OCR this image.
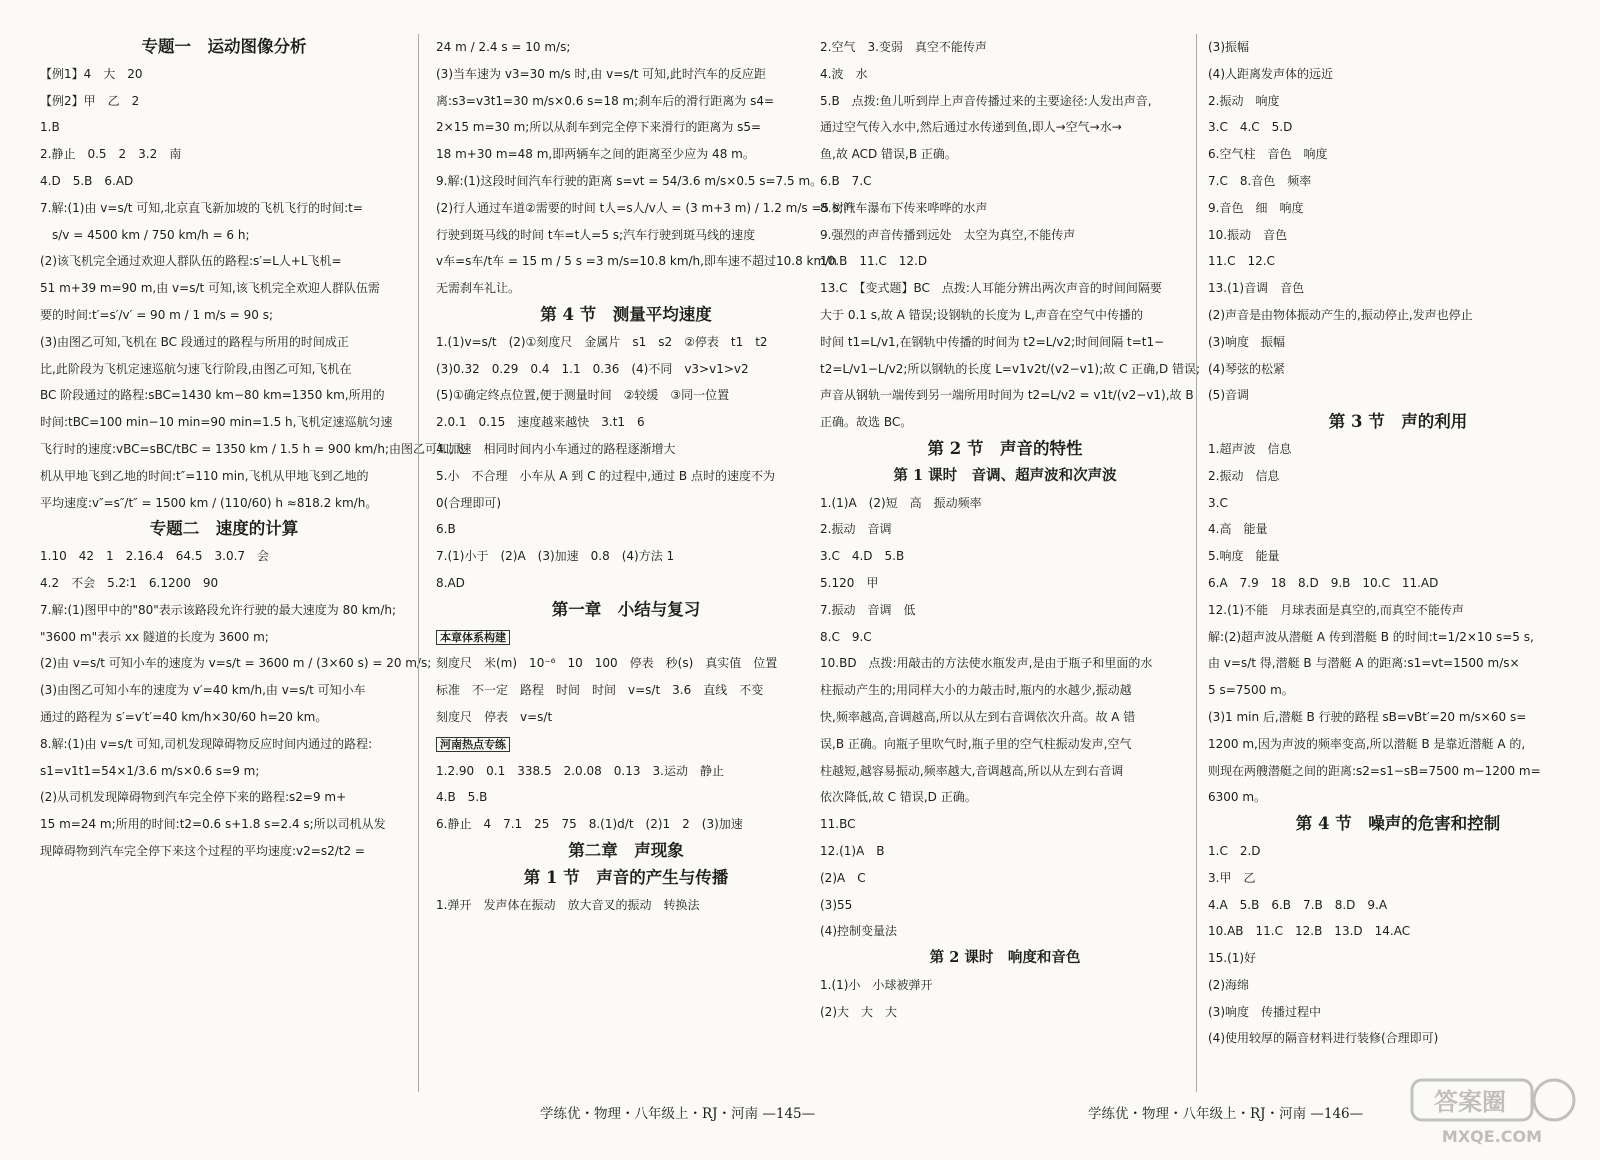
专题一　运动图像分析

【例1】4　大　20

【例2】甲　乙　2

1.B

2.静止　0.5　2　3.2　南

4.D　5.B　6.AD

7.解:(1)由 v=s/t 可知,北京直飞新加坡的飞机飞行的时间:t=

　s/v = 4500 km / 750 km/h = 6 h;

(2)该飞机完全通过欢迎人群队伍的路程:s′=L人+L飞机=

51 m+39 m=90 m,由 v=s/t 可知,该飞机完全欢迎人群队伍需

要的时间:t′=s′/v′ = 90 m / 1 m/s = 90 s;

(3)由图乙可知,飞机在 BC 段通过的路程与所用的时间成正

比,此阶段为飞机定速巡航匀速飞行阶段,由图乙可知,飞机在

BC 阶段通过的路程:sBC=1430 km−80 km=1350 km,所用的

时间:tBC=100 min−10 min=90 min=1.5 h,飞机定速巡航匀速

飞行时的速度:vBC=sBC/tBC = 1350 km / 1.5 h = 900 km/h;由图乙可知,飞

机从甲地飞到乙地的时间:t″=110 min,飞机从甲地飞到乙地的

平均速度:v″=s″/t″ = 1500 km / (110/60) h ≈818.2 km/h。

专题二　速度的计算

1.10　42　1　2.16.4　64.5　3.0.7　会

4.2　不会　5.2∶1　6.1200　90

7.解:(1)图甲中的"80"表示该路段允许行驶的最大速度为 80 km/h;

"3600 m"表示 xx 隧道的长度为 3600 m;

(2)由 v=s/t 可知小车的速度为 v=s/t = 3600 m / (3×60 s) = 20 m/s;

(3)由图乙可知小车的速度为 v′=40 km/h,由 v=s/t 可知小车

通过的路程为 s′=v′t′=40 km/h×30/60 h=20 km。

8.解:(1)由 v=s/t 可知,司机发现障碍物反应时间内通过的路程:

s1=v1t1=54×1/3.6 m/s×0.6 s=9 m;

(2)从司机发现障碍物到汽车完全停下来的路程:s2=9 m+

15 m=24 m;所用的时间:t2=0.6 s+1.8 s=2.4 s;所以司机从发

现障碍物到汽车完全停下来这个过程的平均速度:v2=s2/t2 =

24 m / 2.4 s = 10 m/s;

(3)当车速为 v3=30 m/s 时,由 v=s/t 可知,此时汽车的反应距

离:s3=v3t1=30 m/s×0.6 s=18 m;刹车后的滑行距离为 s4=

2×15 m=30 m;所以从刹车到完全停下来滑行的距离为 s5=

18 m+30 m=48 m,即两辆车之间的距离至少应为 48 m。

9.解:(1)这段时间汽车行驶的距离 s=vt = 54/3.6 m/s×0.5 s=7.5 m。

(2)行人通过车道②需要的时间 t人=s人/v人 = (3 m+3 m) / 1.2 m/s =5 s;汽车

行驶到斑马线的时间 t车=t人=5 s;汽车行驶到斑马线的速度

v车=s车/t车 = 15 m / 5 s =3 m/s=10.8 km/h,即车速不超过10.8 km/h

无需刹车礼让。

第 4 节　测量平均速度

1.(1)v=s/t　(2)①刻度尺　金属片　s1　s2　②停表　t1　t2

(3)0.32　0.29　0.4　1.1　0.36　(4)不同　v3>v1>v2

(5)①确定终点位置,便于测量时间　②较缓　③同一位置

2.0.1　0.15　速度越来越快　3.t1　6

4.加速　相同时间内小车通过的路程逐渐增大

5.小　不合理　小车从 A 到 C 的过程中,通过 B 点时的速度不为

0(合理即可)

6.B

7.(1)小于　(2)A　(3)加速　0.8　(4)方法 1

8.AD

第一章　小结与复习

本章体系构建

刻度尺　米(m)　10⁻⁶　10　100　停表　秒(s)　真实值　位置

标准　不一定　路程　时间　时间　v=s/t　3.6　直线　不变

刻度尺　停表　v=s/t

河南热点专练

1.2.90　0.1　338.5　2.0.08　0.13　3.运动　静止

4.B　5.B

6.静止　4　7.1　25　75　8.(1)d/t　(2)1　2　(3)加速

第二章　声现象

第 1 节　声音的产生与传播

1.弹开　发声体在振动　放大音叉的振动　转换法

2.空气　3.变弱　真空不能传声

4.波　水

5.B　点拨:鱼儿听到岸上声音传播过来的主要途径:人发出声音,

通过空气传入水中,然后通过水传递到鱼,即人→空气→水→

鱼,故 ACD 错误,B 正确。

6.B　7.C

8.树叶　瀑布下传来哗哗的水声

9.强烈的声音传播到远处　太空为真空,不能传声

10.B　11.C　12.D

13.C　【变式题】BC　点拨:人耳能分辨出两次声音的时间间隔要

大于 0.1 s,故 A 错误;设钢轨的长度为 L,声音在空气中传播的

时间 t1=L/v1,在钢轨中传播的时间为 t2=L/v2;时间间隔 t=t1−

t2=L/v1−L/v2;所以钢轨的长度 L=v1v2t/(v2−v1);故 C 正确,D 错误;

声音从钢轨一端传到另一端所用时间为 t2=L/v2 = v1t/(v2−v1),故 B

正确。故选 BC。

第 2 节　声音的特性

第 1 课时　音调、超声波和次声波

1.(1)A　(2)短　高　振动频率

2.振动　音调

3.C　4.D　5.B

5.120　甲

7.振动　音调　低

8.C　9.C

10.BD　点拨:用敲击的方法使水瓶发声,是由于瓶子和里面的水

柱振动产生的;用同样大小的力敲击时,瓶内的水越少,振动越

快,频率越高,音调越高,所以从左到右音调依次升高。故 A 错

误,B 正确。向瓶子里吹气时,瓶子里的空气柱振动发声,空气

柱越短,越容易振动,频率越大,音调越高,所以从左到右音调

依次降低,故 C 错误,D 正确。

11.BC

12.(1)A　B

(2)A　C

(3)55

(4)控制变量法

第 2 课时　响度和音色

1.(1)小　小球被弹开

(2)大　大　大

(3)振幅

(4)人距离发声体的远近

2.振动　响度

3.C　4.C　5.D

6.空气柱　音色　响度

7.C　8.音色　频率

9.音色　细　响度

10.振动　音色

11.C　12.C

13.(1)音调　音色

(2)声音是由物体振动产生的,振动停止,发声也停止

(3)响度　振幅

(4)琴弦的松紧

(5)音调

第 3 节　声的利用

1.超声波　信息

2.振动　信息

3.C

4.高　能量

5.响度　能量

6.A　7.9　18　8.D　9.B　10.C　11.AD

12.(1)不能　月球表面是真空的,而真空不能传声

解:(2)超声波从潜艇 A 传到潜艇 B 的时间:t=1/2×10 s=5 s,

由 v=s/t 得,潜艇 B 与潜艇 A 的距离:s1=vt=1500 m/s×

5 s=7500 m。

(3)1 min 后,潜艇 B 行驶的路程 sB=vBt′=20 m/s×60 s=

1200 m,因为声波的频率变高,所以潜艇 B 是靠近潜艇 A 的,

则现在两艘潜艇之间的距离:s2=s1−sB=7500 m−1200 m=

6300 m。

第 4 节　噪声的危害和控制

1.C　2.D

3.甲　乙

4.A　5.B　6.B　7.B　8.D　9.A

10.AB　11.C　12.B　13.D　14.AC

15.(1)好

(2)海绵

(3)响度　传播过程中

(4)使用较厚的隔音材料进行装修(合理即可)

学练优・物理・八年级上・RJ・河南 —145—	学练优・物理・八年级上・RJ・河南 —146—	答案圈
MXQE.COM
